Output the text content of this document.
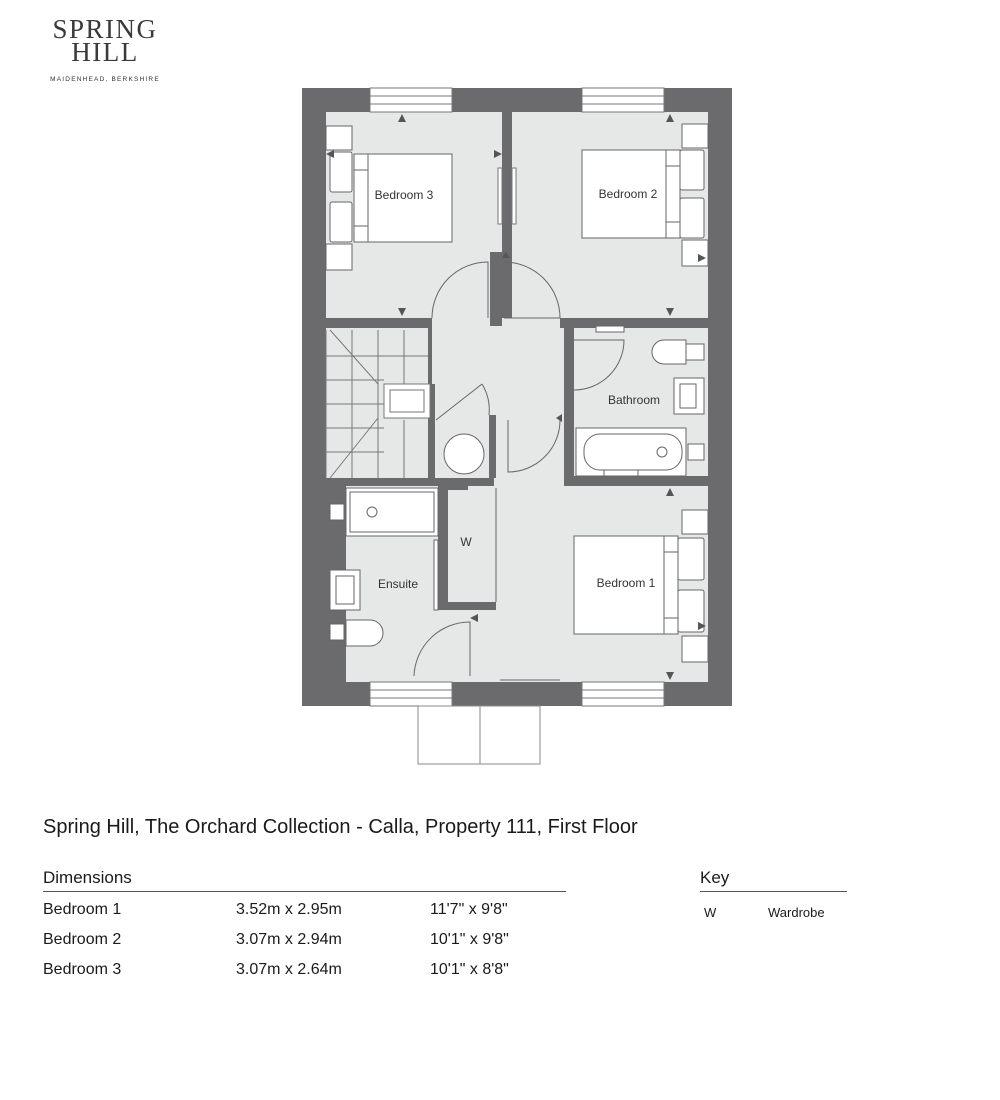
SPRING
HILL
MAIDENHEAD, BERKSHIRE
Bedroom 3	Bedroom 2
Bathroom
W
Ensuite	Bedroom 1
Spring Hill, The Orchard Collection - Calla, Property 111, First Floor
Dimensions
Bedroom 1	3.52m x 2.95m	11'7" x 9'8"
Bedroom 2	3.07m x 2.94m	10'1" x 9'8"
Bedroom 3	3.07m x 2.64m	10'1" x 8'8"
Key
W	Wardrobe
